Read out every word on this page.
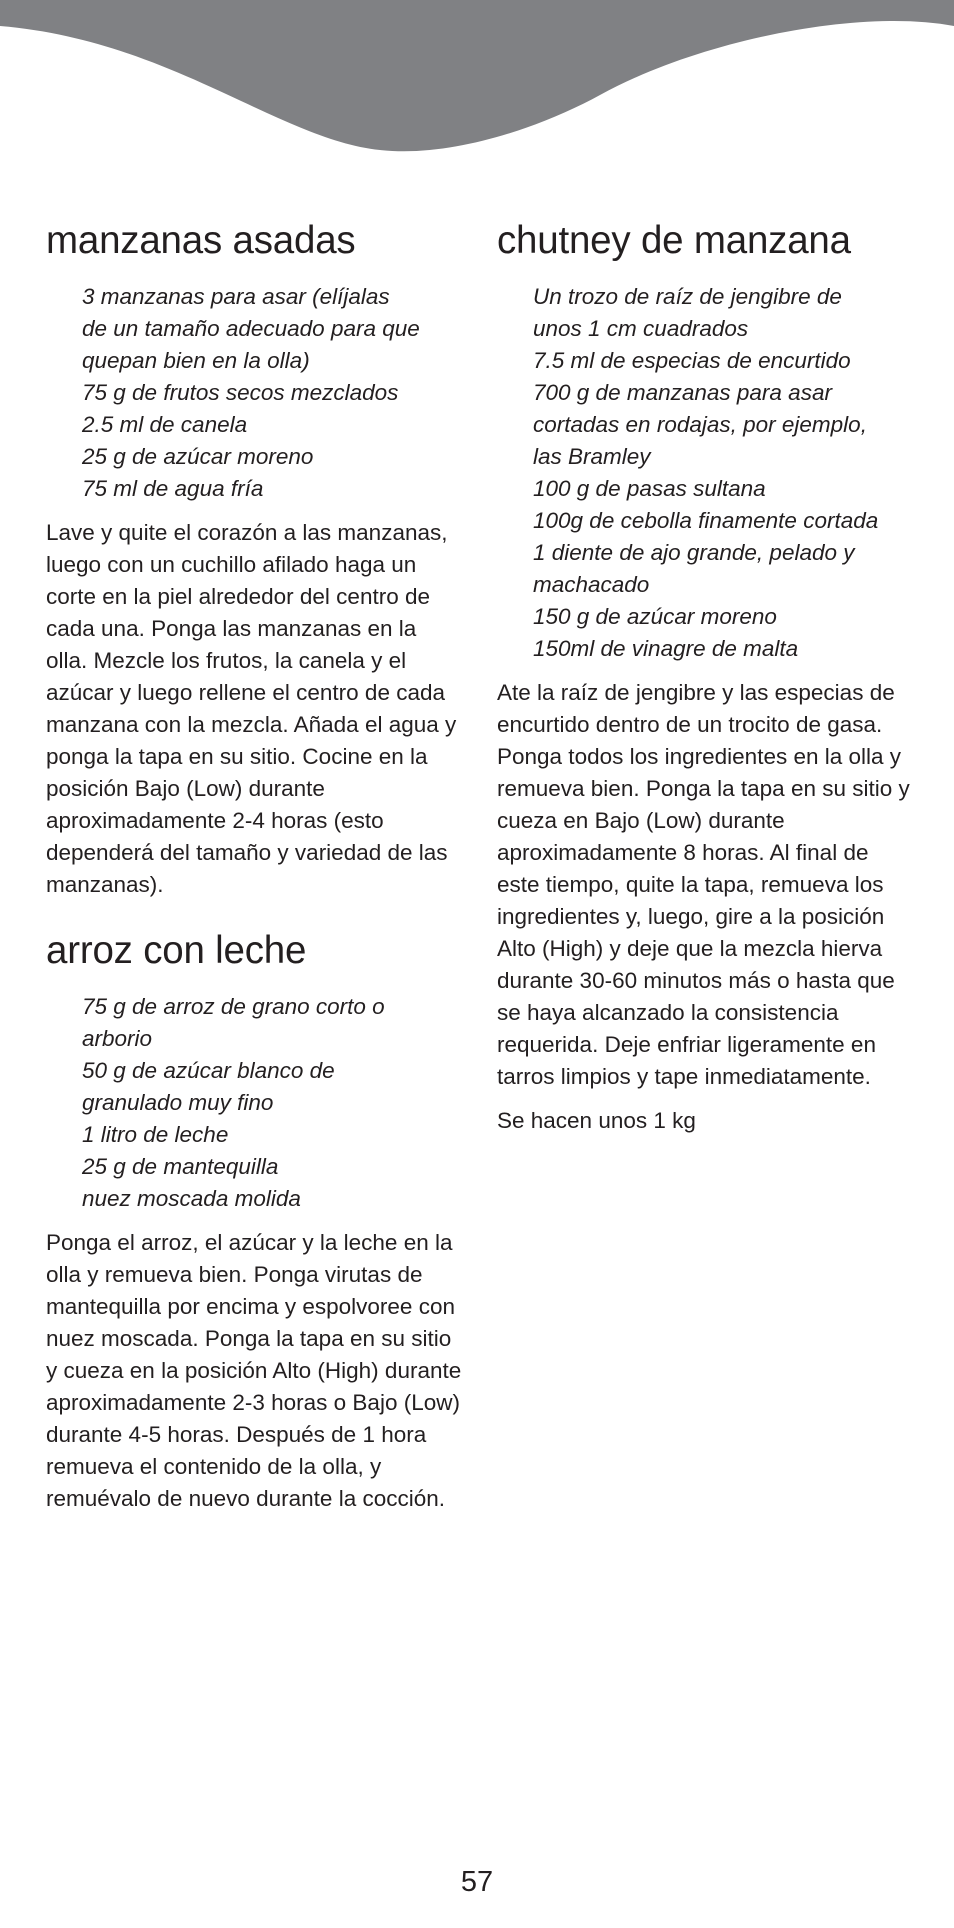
manzanas asadas
3 manzanas para asar (elíjalas
de un tamaño adecuado para que
quepan bien en la olla)
75 g de frutos secos mezclados
2.5 ml de canela
25 g de azúcar moreno
75 ml de agua fría

Lave y quite el corazón a las manzanas, luego con un cuchillo afilado haga un corte en la piel alrededor del centro de cada una. Ponga las manzanas en la olla. Mezcle los frutos, la canela y el azúcar y luego rellene el centro de cada manzana con la mezcla. Añada el agua y ponga la tapa en su sitio. Cocine en la posición Bajo (Low) durante aproximadamente 2-4 horas (esto dependerá del tamaño y variedad de las manzanas).

arroz con leche
75 g de arroz de grano corto o
arborio
50 g de azúcar blanco de
granulado muy fino
1 litro de leche
25 g de mantequilla
nuez moscada molida

Ponga el arroz, el azúcar y la leche en la olla y remueva bien. Ponga virutas de mantequilla por encima y espolvoree con nuez moscada. Ponga la tapa en su sitio y cueza en la posición Alto (High) durante aproximadamente 2-3 horas o Bajo (Low) durante 4-5 horas. Después de 1 hora remueva el contenido de la olla, y remuévalo de nuevo durante la cocción.

chutney de manzana
Un trozo de raíz de jengibre de
unos 1 cm cuadrados
7.5 ml de especias de encurtido
700 g de manzanas para asar
cortadas en rodajas, por ejemplo,
las Bramley
100 g de pasas sultana
100g de cebolla finamente cortada
1 diente de ajo grande, pelado y
machacado
150 g de azúcar moreno
150ml de vinagre de malta

Ate la raíz de jengibre y las especias de encurtido dentro de un trocito de gasa. Ponga todos los ingredientes en la olla y remueva bien. Ponga la tapa en su sitio y cueza en Bajo (Low) durante aproximadamente 8 horas. Al final de este tiempo, quite la tapa, remueva los ingredientes y, luego, gire a la posición Alto (High) y deje que la mezcla hierva durante 30-60 minutos más o hasta que se haya alcanzado la consistencia requerida. Deje enfriar ligeramente en tarros limpios y tape inmediatamente.

Se hacen unos 1 kg

57
